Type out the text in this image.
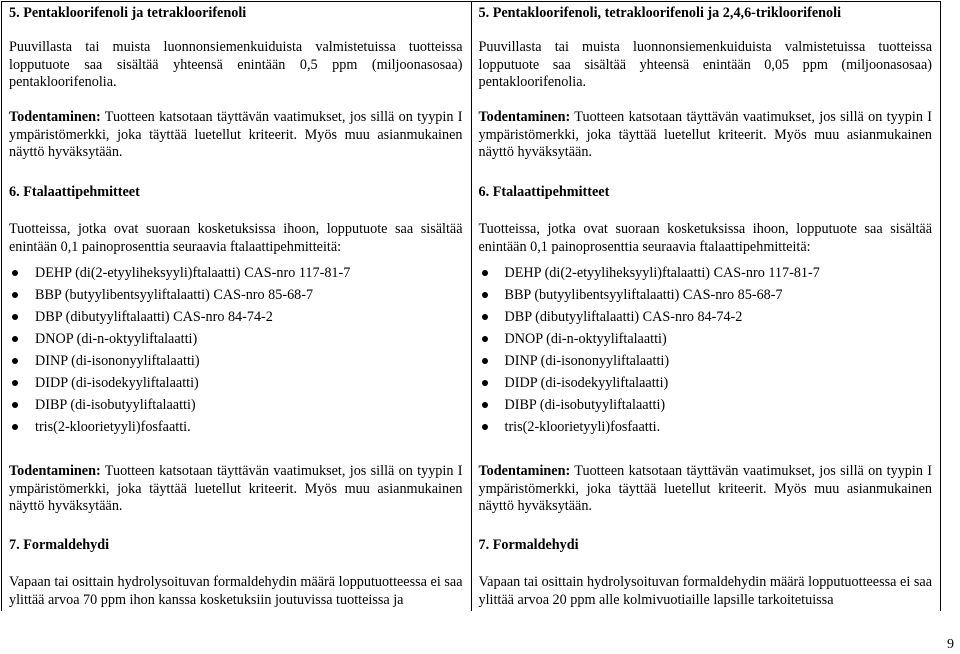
5. Pentakloorifenoli ja tetrakloorifenoli
Puuvillasta tai muista luonnonsiemenkuiduista valmistetuissa tuotteissa lopputuote saa sisältää yhteensä enintään 0,5 ppm (miljoonasosaa) pentakloorifenolia.
Todentaminen: Tuotteen katsotaan täyttävän vaatimukset, jos sillä on tyypin I ympäristömerkki, joka täyttää luetellut kriteerit. Myös muu asianmukainen näyttö hyväksytään.
6. Ftalaattipehmitteet
Tuotteissa, jotka ovat suoraan kosketuksissa ihoon, lopputuote saa sisältää enintään 0,1 painoprosenttia seuraavia ftalaattipehmitteitä:
DEHP (di(2-etyyliheksyyli)ftalaatti) CAS-nro 117-81-7
BBP (butyylibentsyyliftalaatti) CAS-nro 85-68-7
DBP (dibutyyliftalaatti) CAS-nro 84-74-2
DNOP (di-n-oktyyliftalaatti)
DINP (di-isononyyliftalaatti)
DIDP (di-isodekyyliftalaatti)
DIBP (di-isobutyyliftalaatti)
tris(2-kloorietyyli)fosfaatti.
Todentaminen: Tuotteen katsotaan täyttävän vaatimukset, jos sillä on tyypin I ympäristömerkki, joka täyttää luetellut kriteerit. Myös muu asianmukainen näyttö hyväksytään.
7. Formaldehydi
Vapaan tai osittain hydrolysoituvan formaldehydin määrä lopputuotteessa ei saa ylittää arvoa 70 ppm ihon kanssa kosketuksiin joutuvissa tuotteissa ja
5. Pentakloorifenoli, tetrakloorifenoli ja 2,4,6-trikloorifenoli
Puuvillasta tai muista luonnonsiemenkuiduista valmistetuissa tuotteissa lopputuote saa sisältää yhteensä enintään 0,05 ppm (miljoonasosaa) pentakloorifenolia.
Todentaminen: Tuotteen katsotaan täyttävän vaatimukset, jos sillä on tyypin I ympäristömerkki, joka täyttää luetellut kriteerit. Myös muu asianmukainen näyttö hyväksytään.
6. Ftalaattipehmitteet
Tuotteissa, jotka ovat suoraan kosketuksissa ihoon, lopputuote saa sisältää enintään 0,1 painoprosenttia seuraavia ftalaattipehmitteitä:
DEHP (di(2-etyyliheksyyli)ftalaatti) CAS-nro 117-81-7
BBP (butyylibentsyyliftalaatti) CAS-nro 85-68-7
DBP (dibutyyliftalaatti) CAS-nro 84-74-2
DNOP (di-n-oktyyliftalaatti)
DINP (di-isononyyliftalaatti)
DIDP (di-isodekyyliftalaatti)
DIBP (di-isobutyyliftalaatti)
tris(2-kloorietyyli)fosfaatti.
Todentaminen: Tuotteen katsotaan täyttävän vaatimukset, jos sillä on tyypin I ympäristömerkki, joka täyttää luetellut kriteerit. Myös muu asianmukainen näyttö hyväksytään.
7. Formaldehydi
Vapaan tai osittain hydrolysoituvan formaldehydin määrä lopputuotteessa ei saa ylittää arvoa 20 ppm alle kolmivuotiaille lapsille tarkoitetuissa
9
